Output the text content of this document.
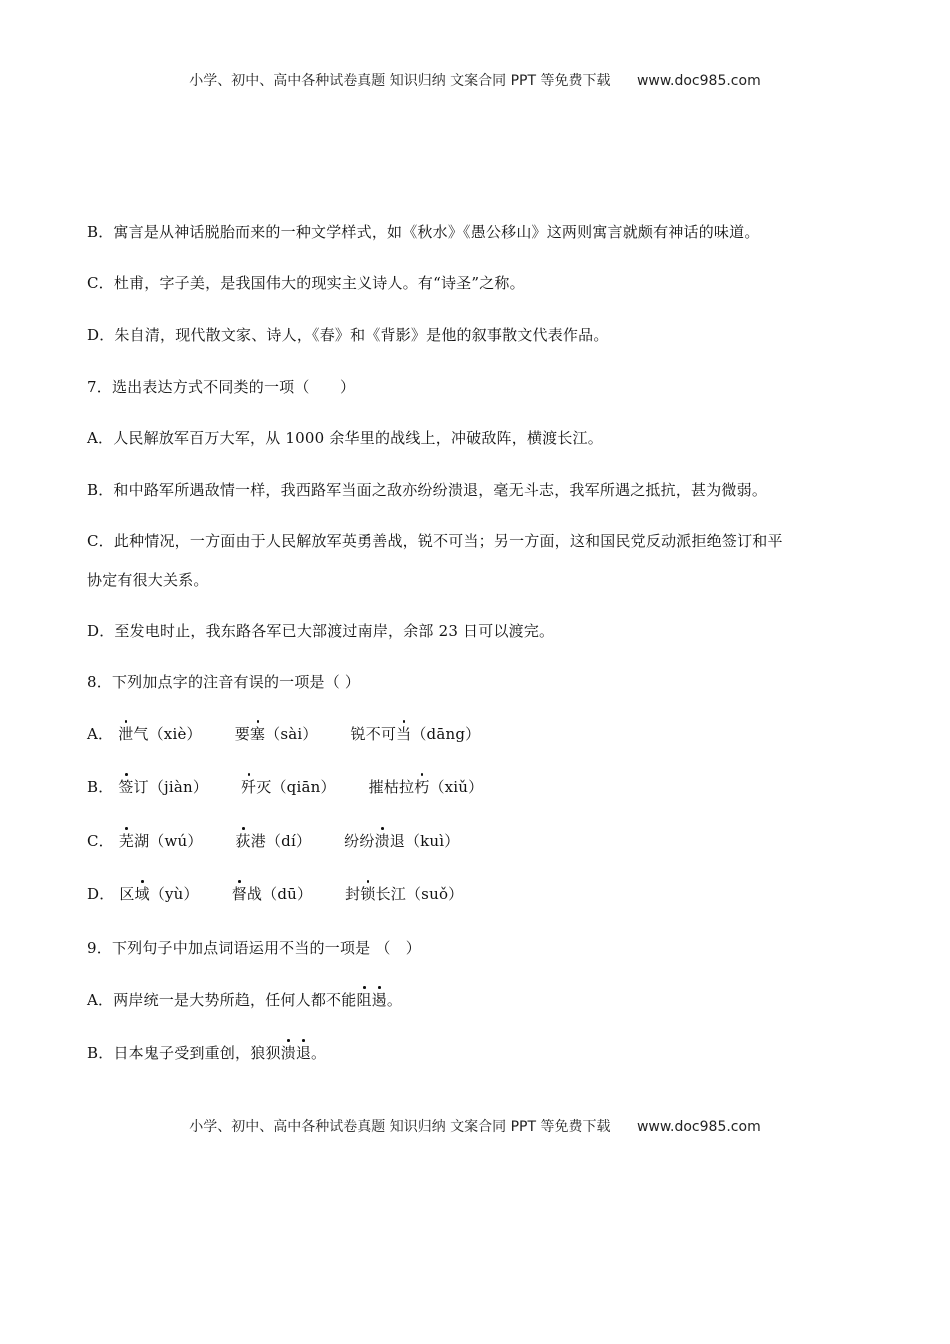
小学、初中、高中各种试卷真题 知识归纳 文案合同 PPT 等免费下载 www.doc985.com
B．寓言是从神话脱胎而来的一种文学样式，如《秋水》《愚公移山》这两则寓言就颇有神话的味道。
C．杜甫，字子美，是我国伟大的现实主义诗人。有“诗圣”之称。
D．朱自清，现代散文家、诗人，《春》和《背影》是他的叙事散文代表作品。
7．选出表达方式不同类的一项（　　）
A．人民解放军百万大军，从 1000 余华里的战线上，冲破敌阵，横渡长江。
B．和中路军所遇敌情一样，我西路军当面之敌亦纷纷溃退，毫无斗志，我军所遇之抵抗，甚为微弱。
C．此种情况，一方面由于人民解放军英勇善战，锐不可当；另一方面，这和国民党反动派拒绝签订和平
协定有很大关系。
D．至发电时止，我东路各军已大部渡过南岸，余部 23 日可以渡完。
8．下列加点字的注音有误的一项是（ ）
A． 泄气（xiè） 要塞（sài） 锐不可当（dāng）
B． 签订（jiàn） 歼灭（qiān） 摧枯拉朽（xiǔ）
C． 芜湖（wú） 荻港（dí） 纷纷溃退（kuì）
D． 区域（yù） 督战（dū） 封锁长江（suǒ）
9．下列句子中加点词语运用不当的一项是 （　）
A．两岸统一是大势所趋，任何人都不能阻遏。
B．日本鬼子受到重创，狼狈溃退。
小学、初中、高中各种试卷真题 知识归纳 文案合同 PPT 等免费下载 www.doc985.com
